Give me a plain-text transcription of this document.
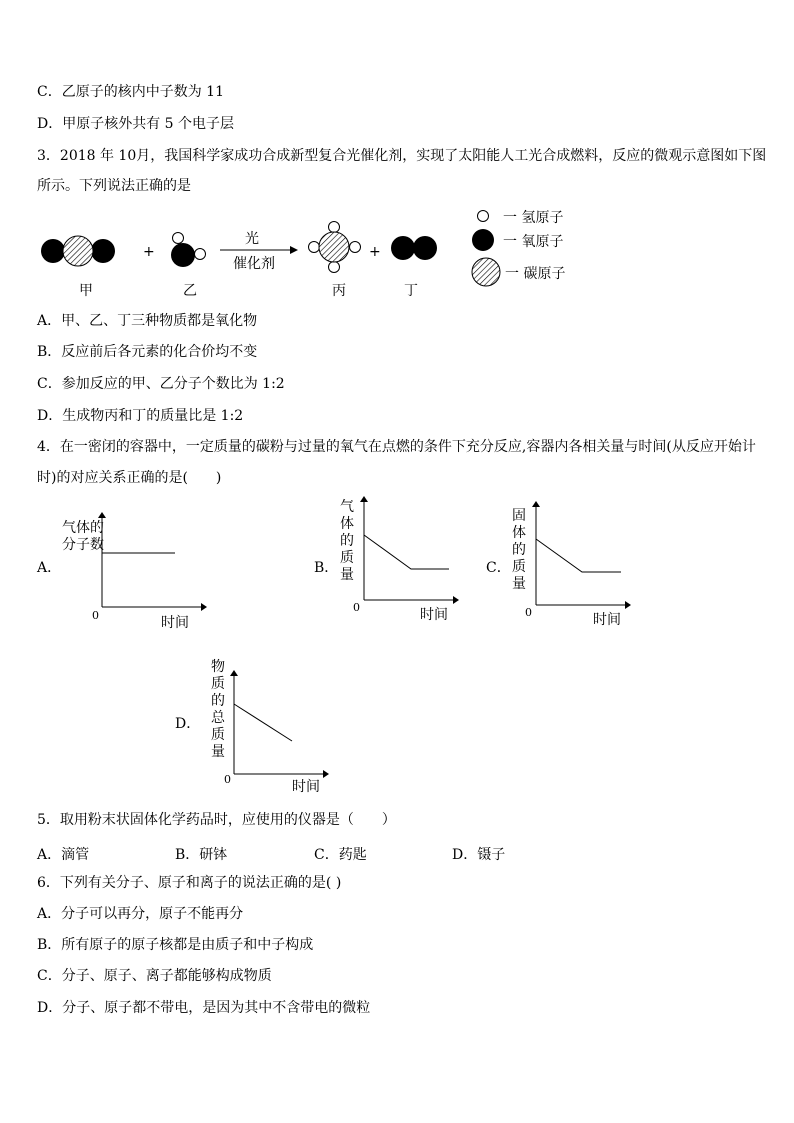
C．乙原子的核内中子数为 11
D．甲原子核外共有 5 个电子层
3．2018 年 10月，我国科学家成功合成新型复合光催化剂，实现了太阳能人工光合成燃料，反应的微观示意图如下图
所示。下列说法正确的是
+
光
催化剂
+
甲	乙	丙	丁
一 氢原子
一 氧原子
一 碳原子
A．甲、乙、丁三种物质都是氧化物
B．反应前后各元素的化合价均不变
C．参加反应的甲、乙分子个数比为 1:2
D．生成物丙和丁的质量比是 1:2
4．在一密闭的容器中，一定质量的碳粉与过量的氧气在点燃的条件下充分反应,容器内各相关量与时间(从反应开始计
时)的对应关系正确的是(　　)
A．
气体的分子数
0	时间
B．
气体的质量
0	时间
C．
固体的质量
0	时间
D．
物质的总质量
0	时间
5．取用粉末状固体化学药品时，应使用的仪器是（　　）
A．滴管	B．研钵	C．药匙	D．镊子
6．下列有关分子、原子和离子的说法正确的是( )
A．分子可以再分，原子不能再分
B．所有原子的原子核都是由质子和中子构成
C．分子、原子、离子都能够构成物质
D．分子、原子都不带电，是因为其中不含带电的微粒
